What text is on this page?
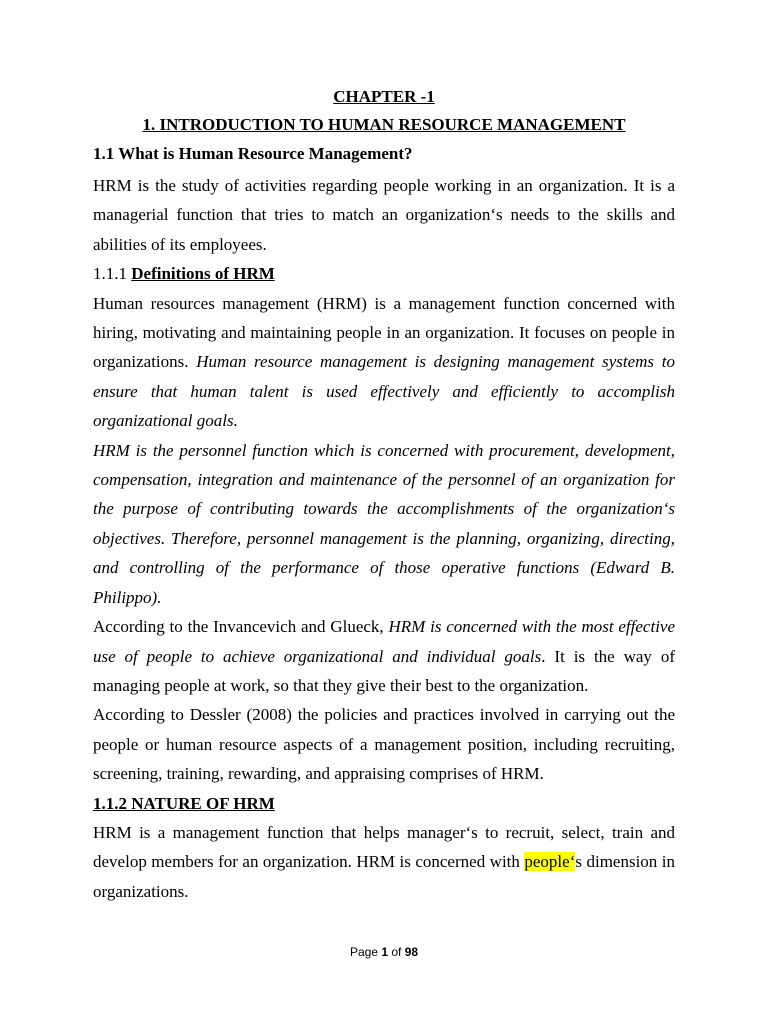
CHAPTER -1
1. INTRODUCTION TO HUMAN RESOURCE MANAGEMENT
1.1 What is Human Resource Management?

HRM is the study of activities regarding people working in an organization. It is a managerial function that tries to match an organization‘s needs to the skills and abilities of its employees.

1.1.1 Definitions of HRM

Human resources management (HRM) is a management function concerned with hiring, motivating and maintaining people in an organization. It focuses on people in organizations. Human resource management is designing management systems to ensure that human talent is used effectively and efficiently to accomplish organizational goals.

HRM is the personnel function which is concerned with procurement, development, compensation, integration and maintenance of the personnel of an organization for the purpose of contributing towards the accomplishments of the organization‘s objectives. Therefore, personnel management is the planning, organizing, directing, and controlling of the performance of those operative functions (Edward B. Philippo).

According to the Invancevich and Glueck, HRM is concerned with the most effective use of people to achieve organizational and individual goals. It is the way of managing people at work, so that they give their best to the organization.

According to Dessler (2008) the policies and practices involved in carrying out the people or human resource aspects of a management position, including recruiting, screening, training, rewarding, and appraising comprises of HRM.

1.1.2 NATURE OF HRM

HRM is a management function that helps manager‘s to recruit, select, train and develop members for an organization. HRM is concerned with people‘s dimension in organizations.

Page 1 of 98
